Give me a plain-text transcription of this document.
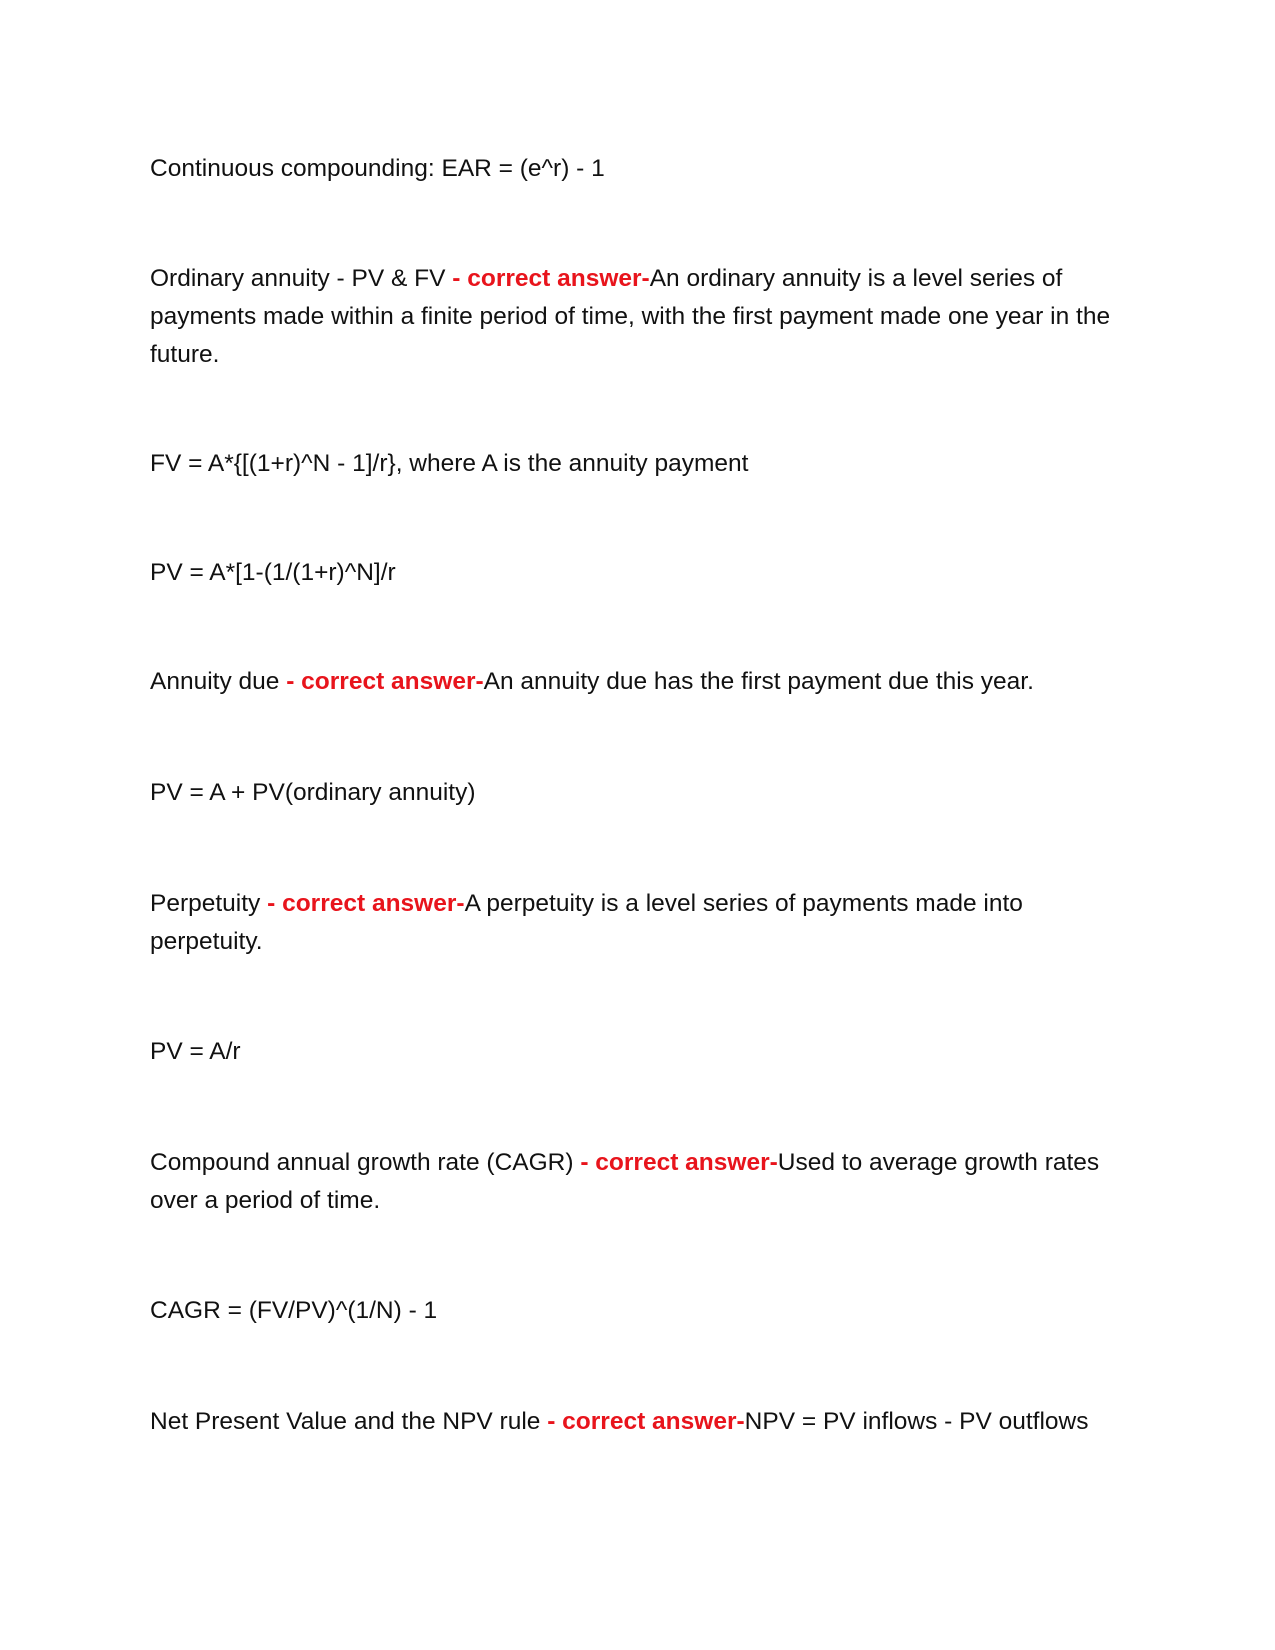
Continuous compounding: EAR = (e^r) - 1
Ordinary annuity - PV & FV - correct answer-An ordinary annuity is a level series of payments made within a finite period of time, with the first payment made one year in the future.
FV = A*{[(1+r)^N - 1]/r}, where A is the annuity payment
PV = A*[1-(1/(1+r)^N]/r
Annuity due - correct answer-An annuity due has the first payment due this year.
PV = A + PV(ordinary annuity)
Perpetuity - correct answer-A perpetuity is a level series of payments made into perpetuity.
PV = A/r
Compound annual growth rate (CAGR) - correct answer-Used to average growth rates over a period of time.
CAGR = (FV/PV)^(1/N) - 1
Net Present Value and the NPV rule - correct answer-NPV = PV inflows - PV outflows
